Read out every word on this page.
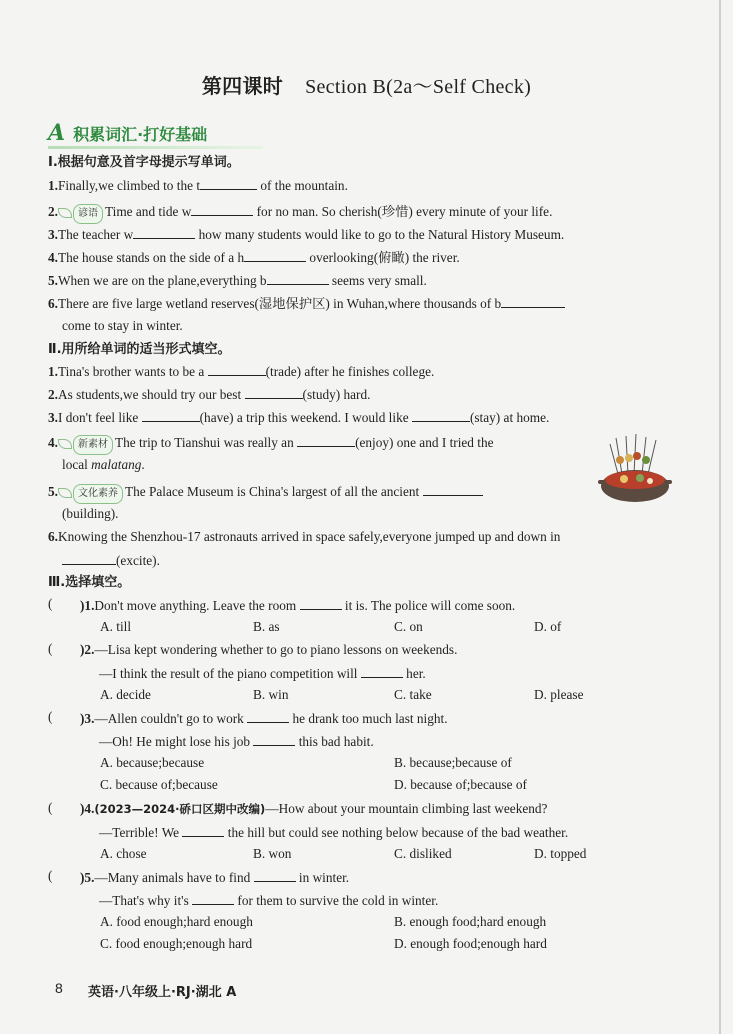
第四课时 Section B(2a～Self Check)
A 积累词汇·打好基础
Ⅰ.根据句意及首字母提示写单词。
1.Finally,we climbed to the t	of the mountain.
2. 谚语 Time and tide w	for no man. So cherish(珍惜) every minute of your life.
3.The teacher w	how many students would like to go to the Natural History Museum.
4.The house stands on the side of a h	overlooking(俯瞰) the river.
5.When we are on the plane,everything b	seems very small.
6.There are five large wetland reserves(湿地保护区) in Wuhan,where thousands of b
come to stay in winter.
Ⅱ.用所给单词的适当形式填空。
1.Tina's brother wants to be a	(trade) after he finishes college.
2.As students,we should try our best	(study) hard.
3.I don't feel like	(have) a trip this weekend. I would like	(stay) at home.
4. 新素材 The trip to Tianshui was really an	(enjoy) one and I tried the
local malatang.
5. 文化素养 The Palace Museum is China's largest of all the ancient
(building).
6.Knowing the Shenzhou-17 astronauts arrived in space safely,everyone jumped up and down in
(excite).
Ⅲ.选择填空。
( )1.Don't move anything. Leave the room	it is. The police will come soon.
A. till	B. as	C. on	D. of
( )2.—Lisa kept wondering whether to go to piano lessons on weekends.
—I think the result of the piano competition will	her.
A. decide	B. win	C. take	D. please
( )3.—Allen couldn't go to work	he drank too much last night.
—Oh! He might lose his job	this bad habit.
A. because;because	B. because;because of
C. because of;because	D. because of;because of
( )4.(2023—2024·硚口区期中改编)—How about your mountain climbing last weekend?
—Terrible! We	the hill but could see nothing below because of the bad weather.
A. chose	B. won	C. disliked	D. topped
( )5.—Many animals have to find	in winter.
—That's why it's	for them to survive the cold in winter.
A. food enough;hard enough	B. enough food;hard enough
C. food enough;enough hard	D. enough food;enough hard
8 英语·八年级上·RJ·湖北 A
